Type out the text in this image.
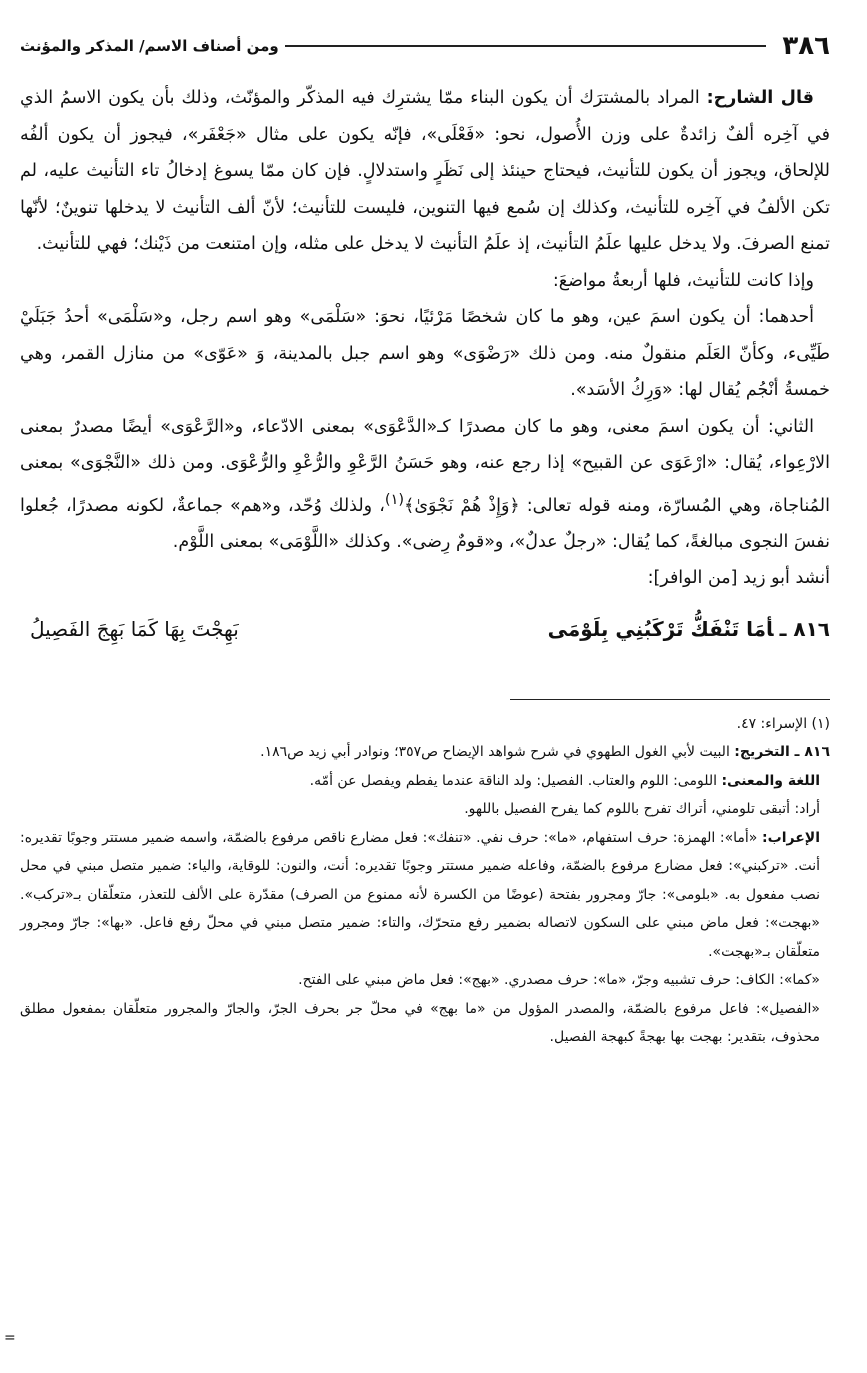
٣٨٦
ومن أصناف الاسم/ المذكر والمؤنث

قال الشارح: المراد بالمشترَك أن يكون البناء ممّا يشترِك فيه المذكّر والمؤنّث، وذلك بأن يكون الاسمُ الذي في آخِره ألفٌ زائدةٌ على وزن الأُصول، نحو: «فَعْلَى»، فإنّه يكون على مثال «جَعْفَر»، فيجوز أن يكون ألفُه للإلحاق، ويجوز أن يكون للتأنيث، فيحتاج حينئذ إلى نَظَرٍ واستدلالٍ. فإن كان ممّا يسوغ إدخالُ تاء التأنيث عليه، لم تكن الألفُ في آخِره للتأنيث، وكذلك إن سُمع فيها التنوين، فليست للتأنيث؛ لأنّ ألف التأنيث لا يدخلها تنوينٌ؛ لأنّها تمنع الصرفَ. ولا يدخل عليها علَمُ التأنيث، إذ علَمُ التأنيث لا يدخل على مثله، وإن امتنعت من ذَيْنك؛ فهي للتأنيث.

وإذا كانت للتأنيث، فلها أربعةُ مواضعَ:

أحدهما: أن يكون اسمَ عين، وهو ما كان شخصًا مَرْئيًا، نحوَ: «سَلْمَى» وهو اسم رجل، و«سَلْمَى» أحدُ جَبَلَيْ طَيِّىء، وكأنّ العَلَم منقولٌ منه. ومن ذلك «رَضْوَى» وهو اسم جبل بالمدينة، وَ «عَوّى» من منازل القمر، وهي خمسةُ أنْجُم يُقال لها: «وَرِكُ الأسَد».

الثاني: أن يكون اسمَ معنى، وهو ما كان مصدرًا كـ«الدَّعْوَى» بمعنى الادّعاء، و«الرَّعْوَى» أيضًا مصدرٌ بمعنى الارْعِواء، يُقال: «ارْعَوَى عن القبيح» إذا رجع عنه، وهو حَسَنُ الرَّعْوِ والرُّعْوِ والرُّعْوَى. ومن ذلك «النَّجْوَى» بمعنى المُناجاة، وهي المُسارّة، ومنه قوله تعالى: ﴿وَإِذْ هُمْ نَجْوَىٰ﴾$^{(١)}$، ولذلك وُحّد، و«هم» جماعةٌ، لكونه مصدرًا، جُعلوا نفسَ النجوى مبالغةً، كما يُقال: «رجلٌ عدلٌ»، و«قومٌ رِضى». وكذلك «اللَّوْمَى» بمعنى اللَّوْم.

أنشد أبو زيد [من الوافر]:

٨١٦ ـأمَا تَنْفَكُّ تَرْكَبُنِي بِلَوْمَى
بَهِجْتَ بِهَا كَمَا بَهِجَ الفَصِيلُ

(١) الإسراء: ٤٧.

٨١٦ ـ التخريج: البيت لأبي الغول الطهوي في شرح شواهد الإيضاح ص٣٥٧؛ ونوادر أبي زيد ص١٨٦.

اللغة والمعنى: اللومى: اللوم والعتاب. الفصيل: ولد الناقة عندما يفطم ويفصل عن أمّه.

أراد: أتبقى تلومني، أتراك تفرح باللوم كما يفرح الفصيل باللهو.

الإعراب: «أما»: الهمزة: حرف استفهام، «ما»: حرف نفي. «تنفك»: فعل مضارع ناقص مرفوع بالضمّة، واسمه ضمير مستتر وجوبًا تقديره: أنت. «تركبني»: فعل مضارع مرفوع بالضمّة، وفاعله ضمير مستتر وجوبًا تقديره: أنت، والنون: للوقاية، والياء: ضمير متصل مبني في محل نصب مفعول به. «بلومى»: جارّ ومجرور بفتحة (عوضًا من الكسرة لأنه ممنوع من الصرف) مقدّرة على الألف للتعذر، متعلّقان بـ«تركب». «بهجت»: فعل ماض مبني على السكون لاتصاله بضمير رفع متحرّك، والتاء: ضمير متصل مبني في محلّ رفع فاعل. «بها»: جارّ ومجرور متعلّقان بـ«بهجت».

«كما»: الكاف: حرف تشبيه وجرّ، «ما»: حرف مصدري. «بهج»: فعل ماض مبني على الفتح.

«الفصيل»: فاعل مرفوع بالضمّة، والمصدر المؤول من «ما بهج» في محلّ جر بحرف الجرّ، والجارّ والمجرور متعلّقان بمفعول مطلق محذوف، بتقدير: بهجت بها بهجةً كبهجة الفصيل.

=
